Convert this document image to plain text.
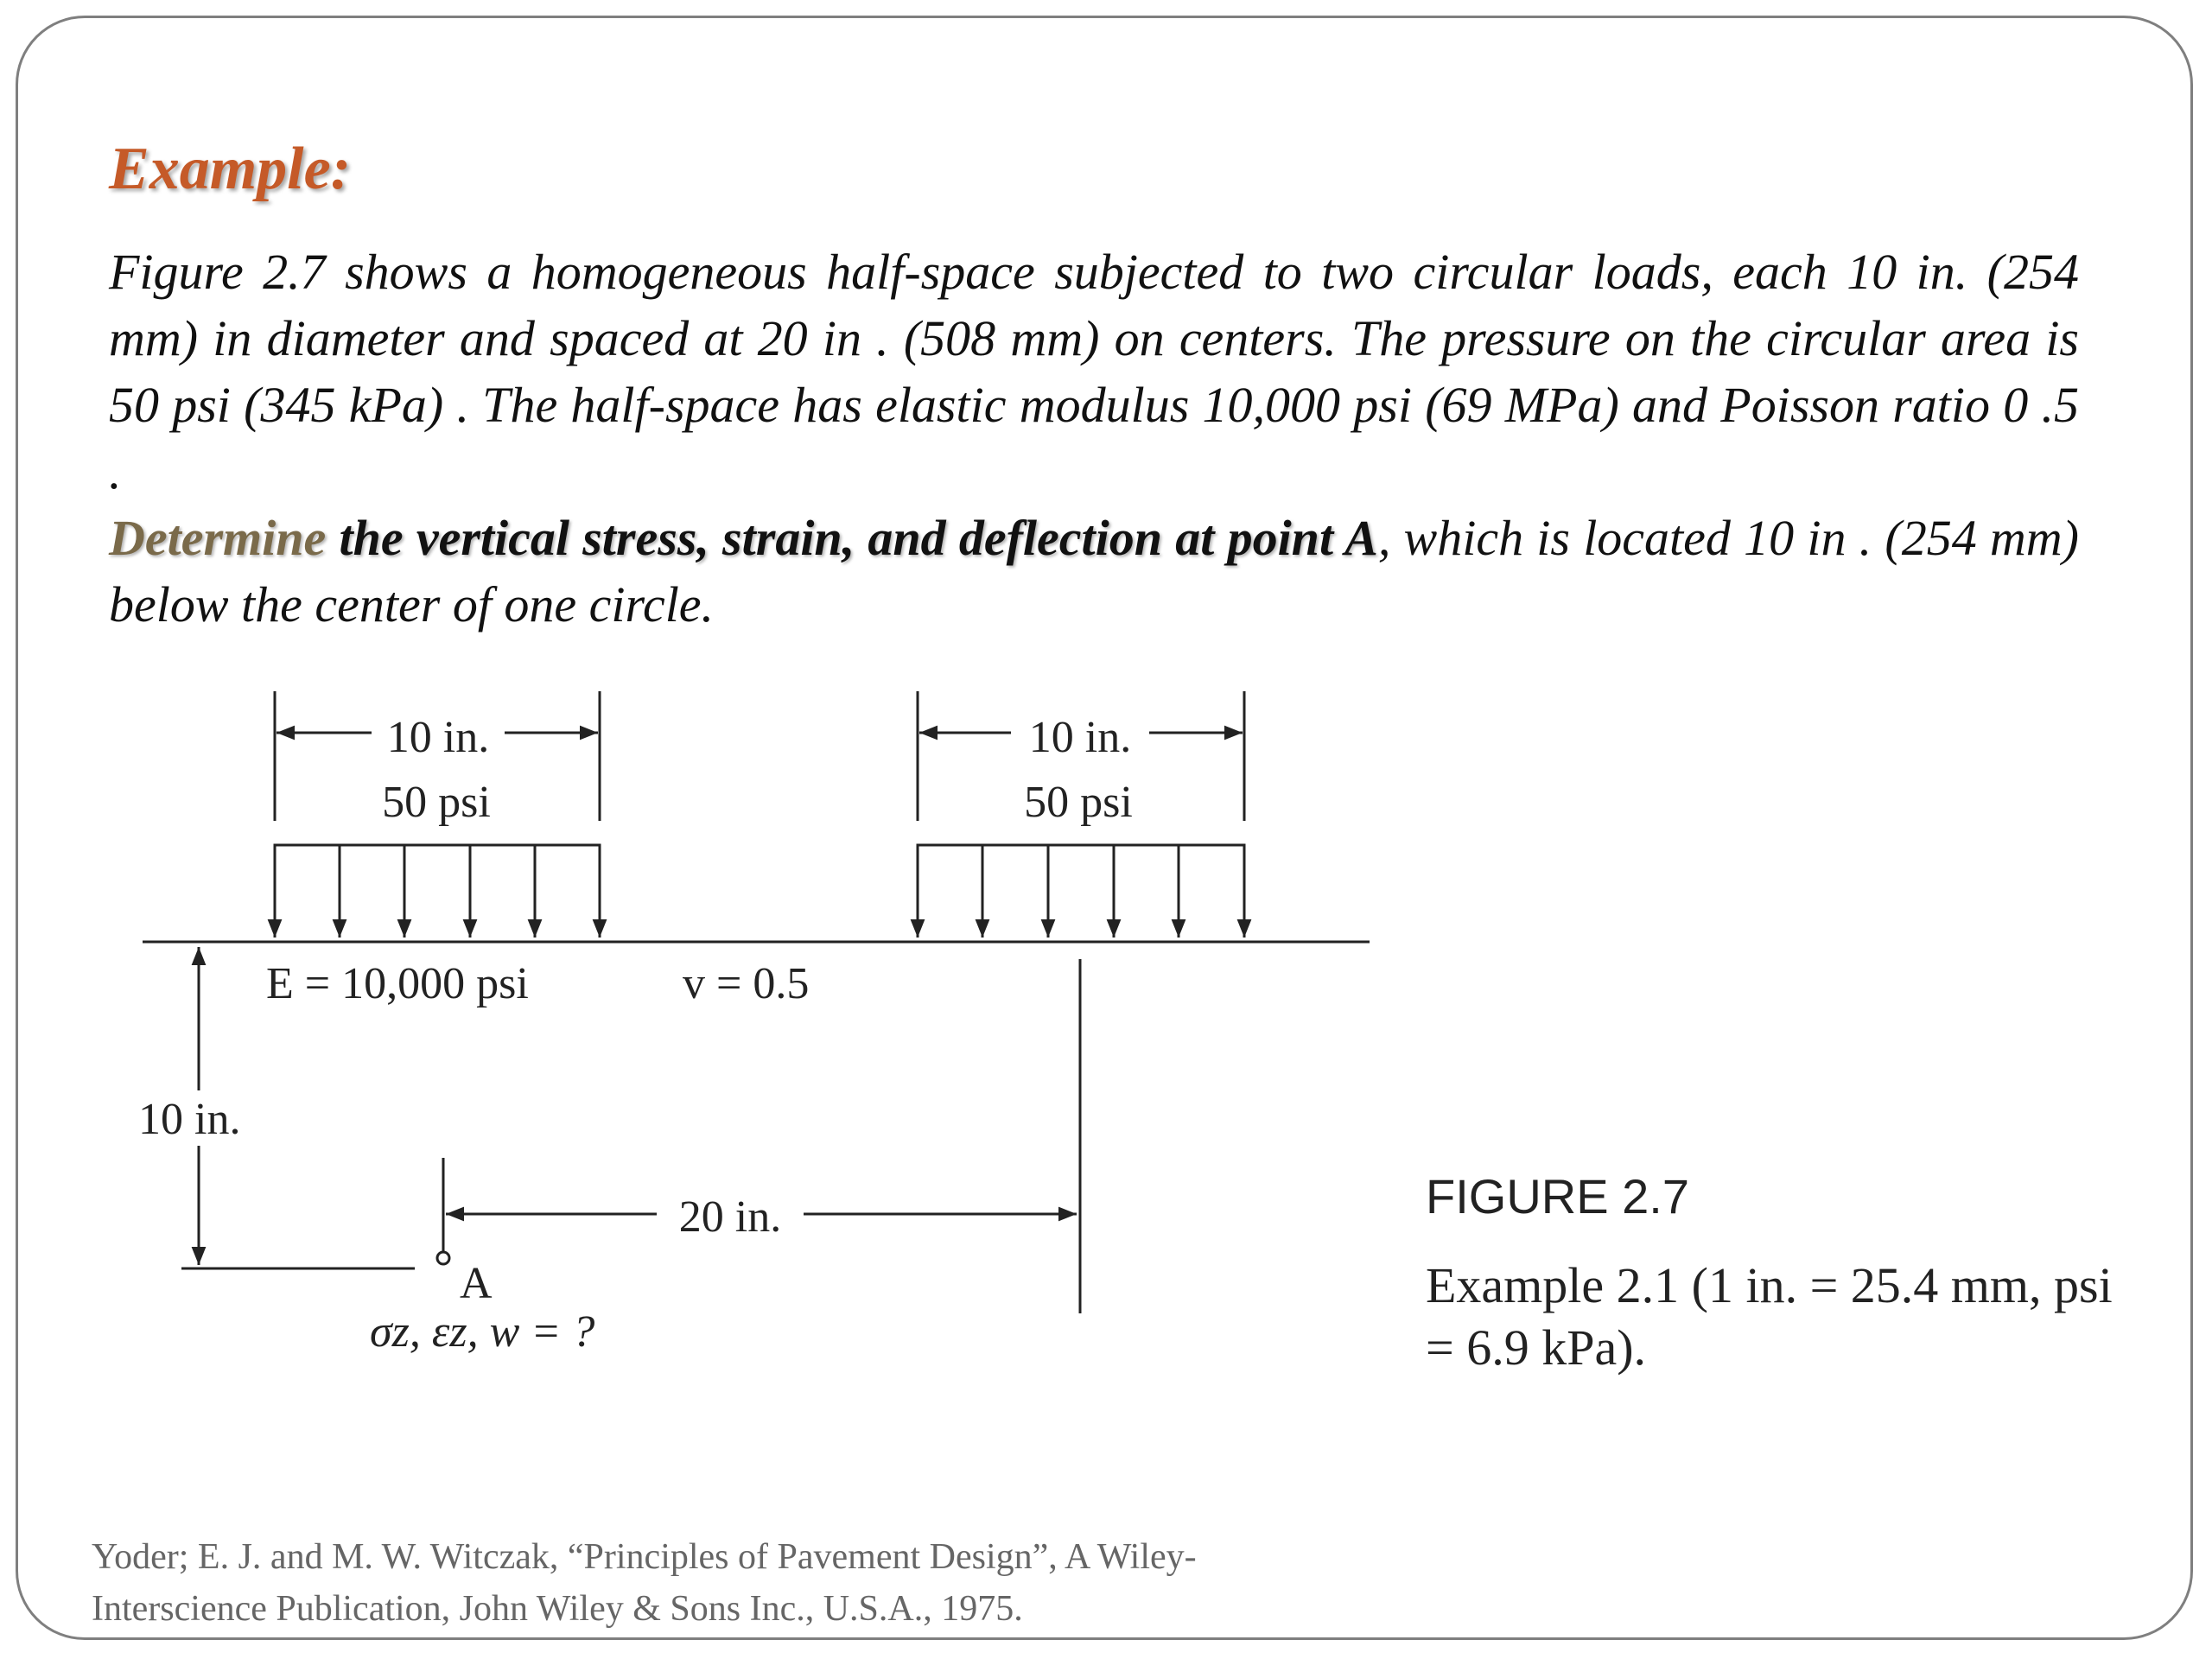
Example:

Figure 2.7 shows a homogeneous half-space subjected to two circular loads, each 10 in. (254 mm) in diameter and spaced at 20 in . (508 mm) on centers. The pressure on the circular area is 50 psi (345 kPa) . The half-space has elastic modulus 10,000 psi (69 MPa) and Poisson ratio 0 .5 .

Determine the vertical stress, strain, and deflection at point A, which is located 10 in . (254 mm) below the center of one circle.

10 in.
50 psi
10 in.
50 psi
E = 10,000 psi	v = 0.5
10 in.
20 in.
A
σz, εz, w = ?
FIGURE 2.7
Example 2.1 (1 in. = 25.4 mm, psi = 6.9 kPa).
Yoder; E. J. and M. W. Witczak, “Principles of Pavement Design”, A Wiley-Interscience Publication, John Wiley & Sons Inc., U.S.A., 1975.
